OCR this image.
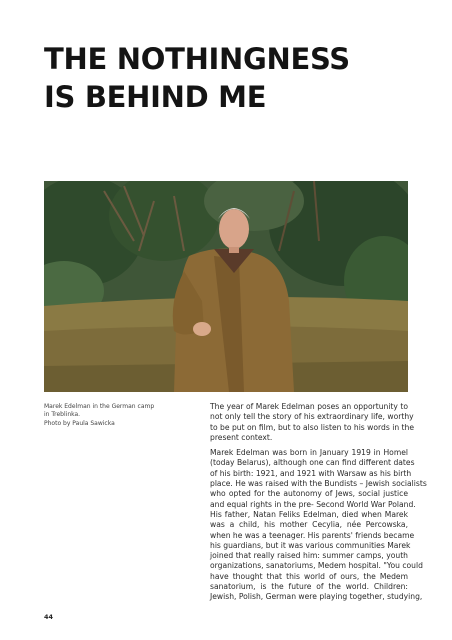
THE NOTHINGNESS
IS BEHIND ME
Marek Edelman in the German camp
in Treblinka.
Photo by Paula Sawicka

The year of Marek Edelman poses an opportunity to
not only tell the story of his extraordinary life, worthy
to be put on film, but to also listen to his words in the
present context.

Marek Edelman was born in January 1919 in Homel
(today Belarus), although one can find different dates
of his birth: 1921, and 1921 with Warsaw as his birth
place. He was raised with the Bundists – Jewish socialists
who opted for the autonomy of Jews, social justice
and equal rights in the pre- Second World War Poland.
His father, Natan Feliks Edelman, died when Marek
was a child, his mother Cecylia, née Percowska,
when he was a teenager. His parents' friends became
his guardians, but it was various communities Marek
joined that really raised him: summer camps, youth
organizations, sanatoriums, Medem hospital. "You could
have thought that this world of ours, the Medem
sanatorium, is the future of the world. Children:
Jewish, Polish, German were playing together, studying,

44
